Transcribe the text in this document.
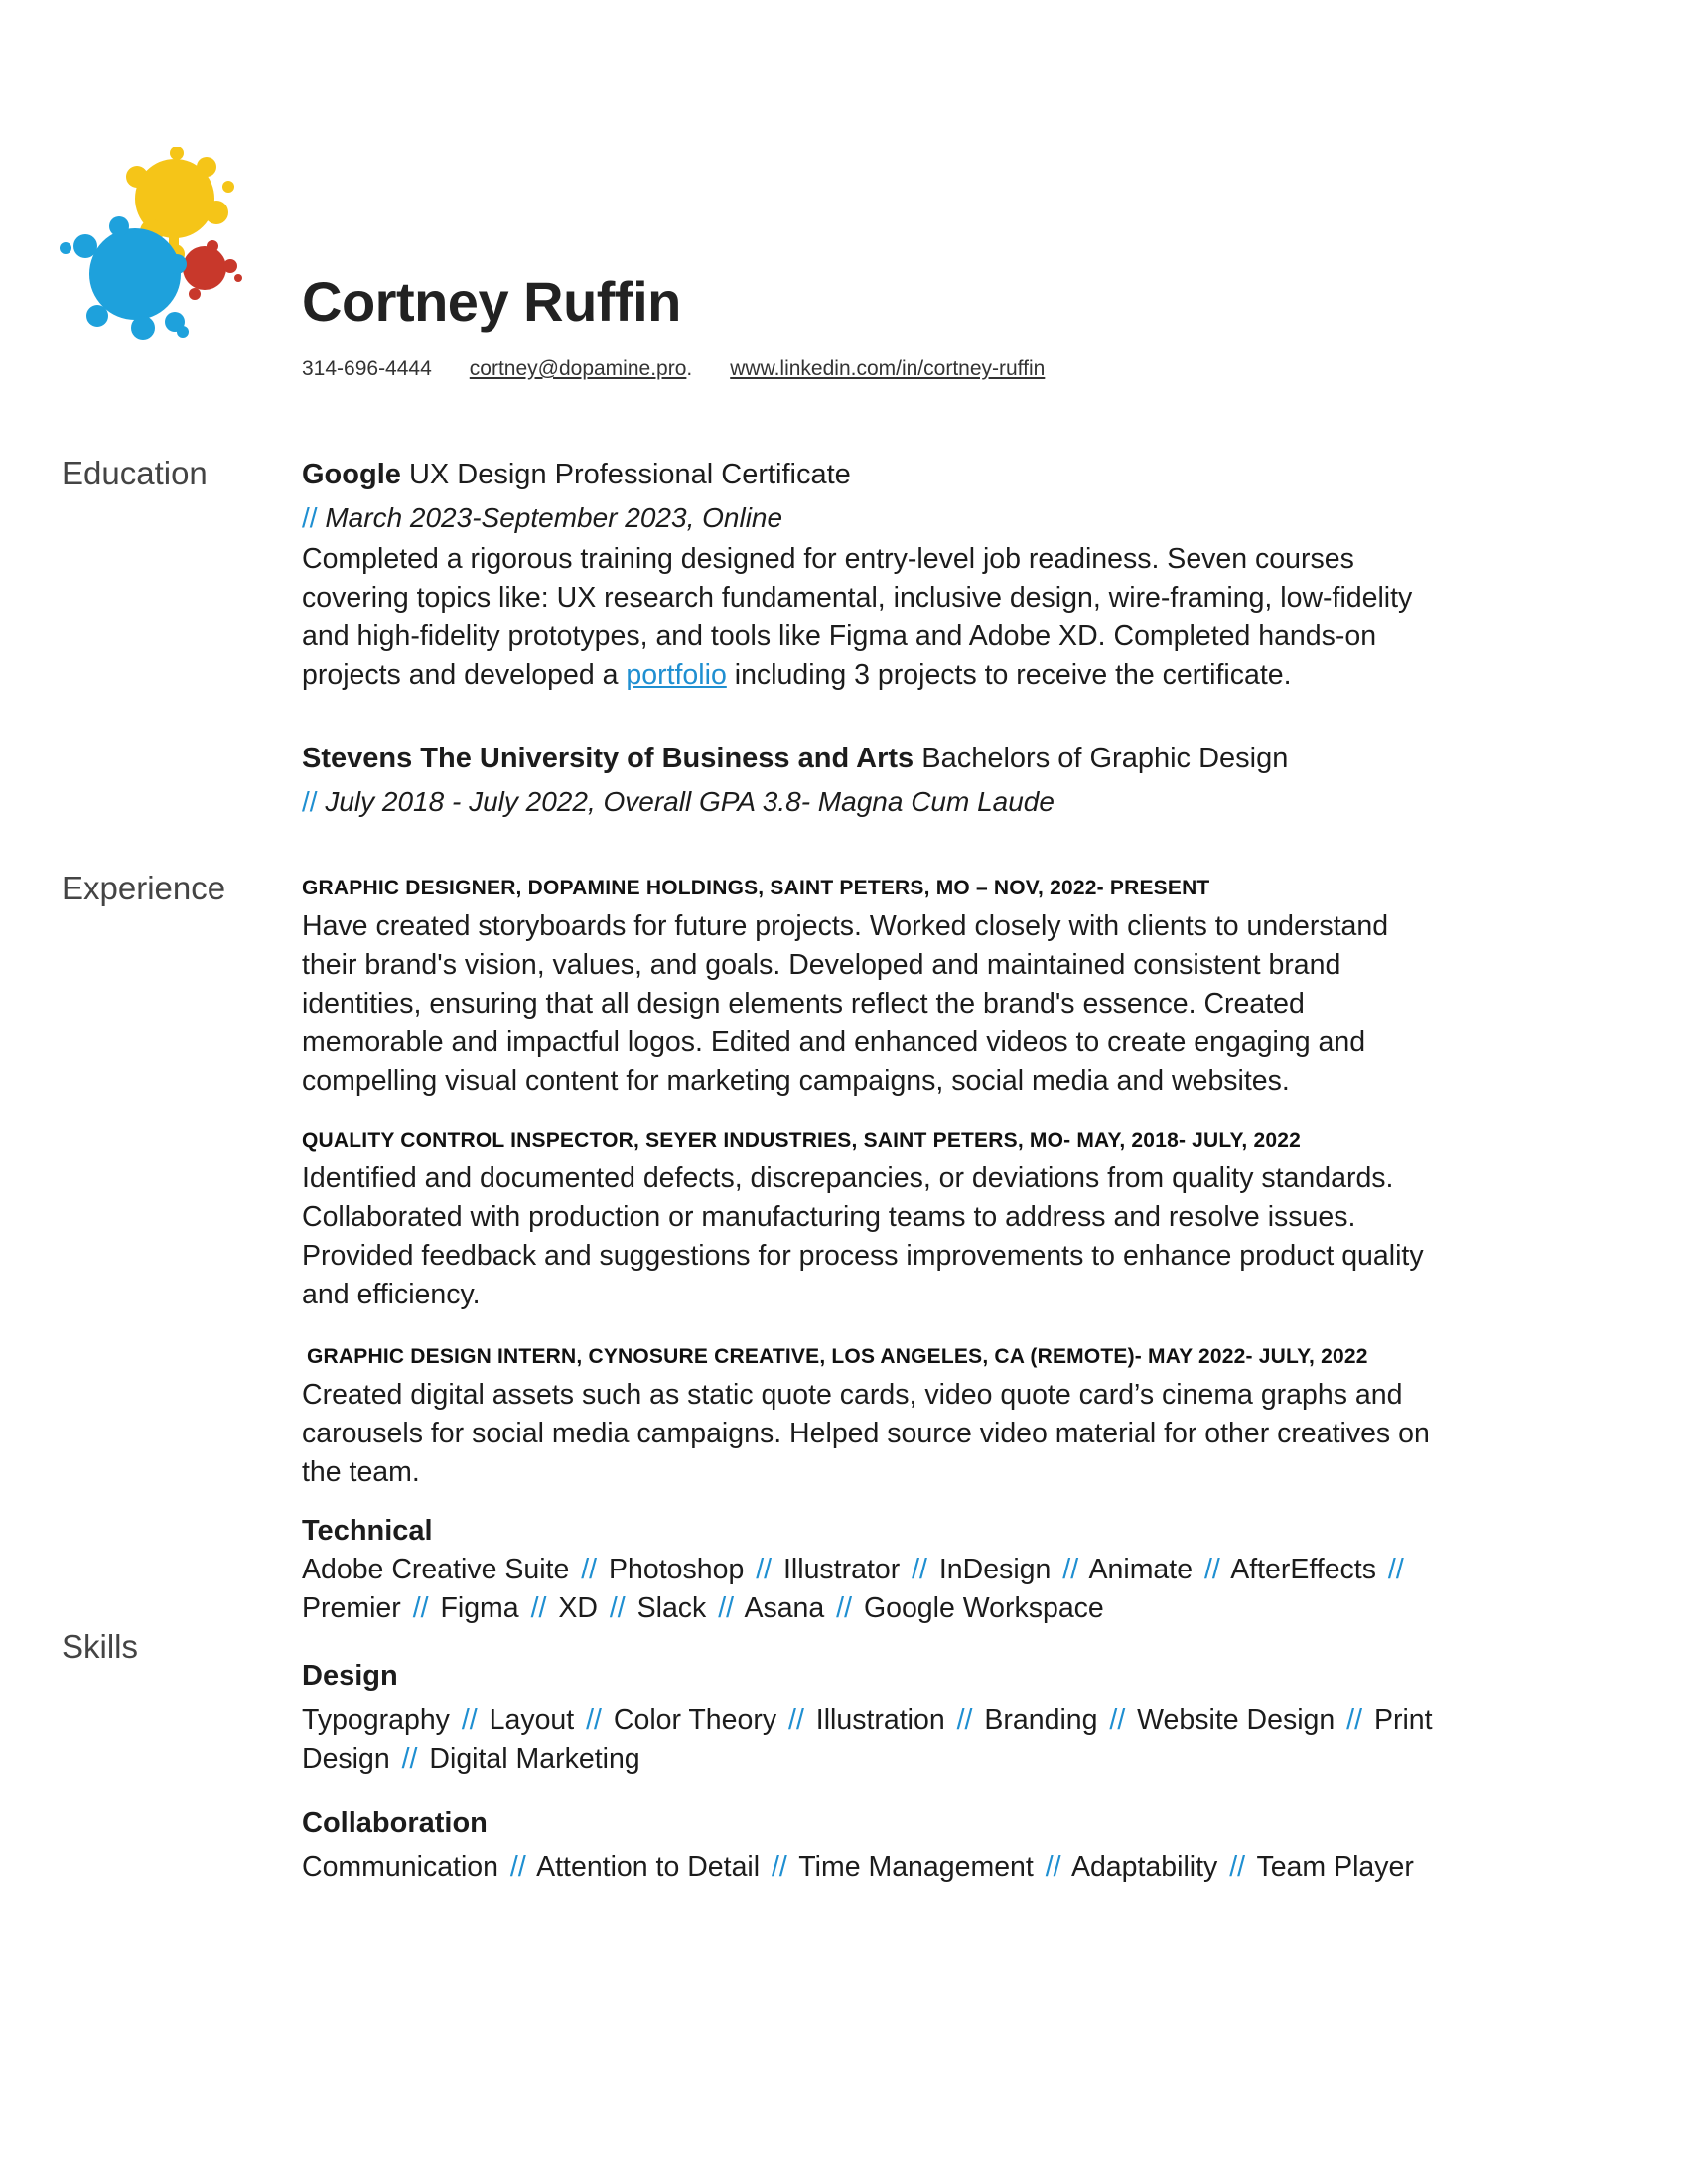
Cortney Ruffin
314-696-4444 cortney@dopamine.pro. www.linkedin.com/in/cortney-ruffin
Education
Experience
Skills

Google UX Design Professional Certificate

// March 2023-September 2023, Online

Completed a rigorous training designed for entry-level job readiness. Seven courses covering topics like: UX research fundamental, inclusive design, wire-framing, low-fidelity and high-fidelity prototypes, and tools like Figma and Adobe XD. Completed hands-on projects and developed a portfolio including 3 projects to receive the certificate.

Stevens The University of Business and Arts Bachelors of Graphic Design

// July 2018 - July 2022, Overall GPA 3.8- Magna Cum Laude

GRAPHIC DESIGNER, DOPAMINE HOLDINGS, SAINT PETERS, MO – NOV, 2022- PRESENT

Have created storyboards for future projects. Worked closely with clients to understand their brand's vision, values, and goals. Developed and maintained consistent brand identities, ensuring that all design elements reflect the brand's essence. Created memorable and impactful logos. Edited and enhanced videos to create engaging and compelling visual content for marketing campaigns, social media and websites.

QUALITY CONTROL INSPECTOR, SEYER INDUSTRIES, SAINT PETERS, MO- MAY, 2018- JULY, 2022

Identified and documented defects, discrepancies, or deviations from quality standards. Collaborated with production or manufacturing teams to address and resolve issues. Provided feedback and suggestions for process improvements to enhance product quality and efficiency.

GRAPHIC DESIGN INTERN, CYNOSURE CREATIVE, LOS ANGELES, CA (REMOTE)- MAY 2022- JULY, 2022

Created digital assets such as static quote cards, video quote card’s cinema graphs and carousels for social media campaigns. Helped source video material for other creatives on the team.

Technical

Adobe Creative Suite // Photoshop // Illustrator // InDesign // Animate // AfterEffects // Premier // Figma // XD // Slack // Asana // Google Workspace

Design

Typography // Layout // Color Theory // Illustration // Branding // Website Design // Print Design // Digital Marketing

Collaboration

Communication // Attention to Detail // Time Management // Adaptability // Team Player
